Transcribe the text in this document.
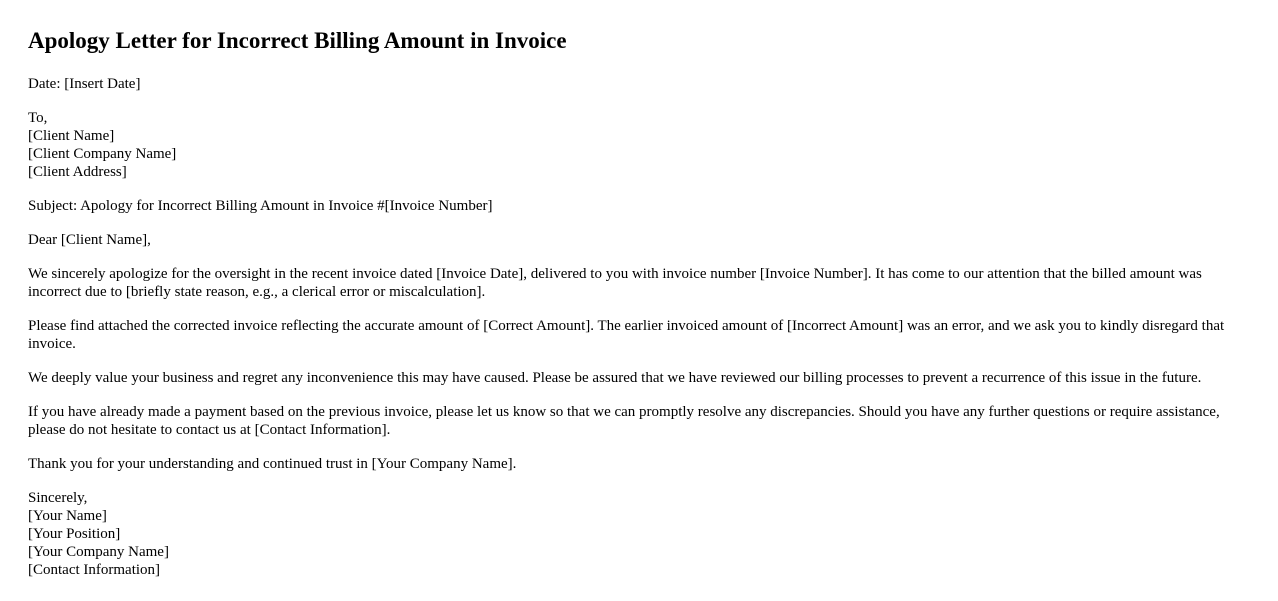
Apology Letter for Incorrect Billing Amount in Invoice

Date: [Insert Date]

To,
[Client Name]
[Client Company Name]
[Client Address]

Subject: Apology for Incorrect Billing Amount in Invoice #[Invoice Number]

Dear [Client Name],

We sincerely apologize for the oversight in the recent invoice dated [Invoice Date], delivered to you with invoice number [Invoice Number]. It has come to our attention that the billed amount was incorrect due to [briefly state reason, e.g., a clerical error or miscalculation].

Please find attached the corrected invoice reflecting the accurate amount of [Correct Amount]. The earlier invoiced amount of [Incorrect Amount] was an error, and we ask you to kindly disregard that invoice.

We deeply value your business and regret any inconvenience this may have caused. Please be assured that we have reviewed our billing processes to prevent a recurrence of this issue in the future.

If you have already made a payment based on the previous invoice, please let us know so that we can promptly resolve any discrepancies. Should you have any further questions or require assistance, please do not hesitate to contact us at [Contact Information].

Thank you for your understanding and continued trust in [Your Company Name].

Sincerely,
[Your Name]
[Your Position]
[Your Company Name]
[Contact Information]
